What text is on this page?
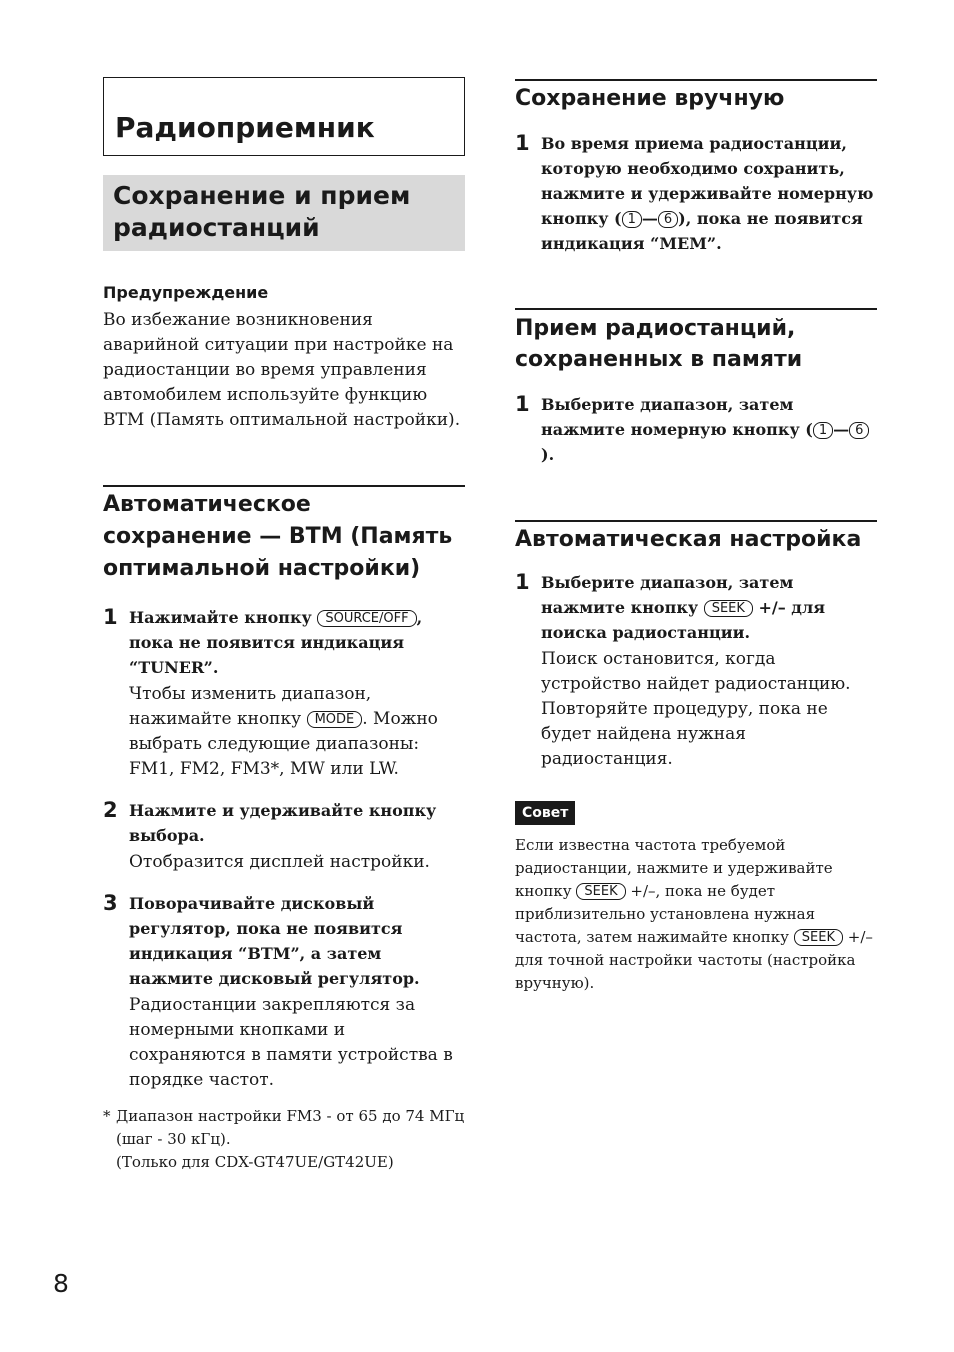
Радиоприемник
Сохранение и прием радиостанций
Предупреждение
Во избежание возникновения аварийной ситуации при настройке на радиостанции во время управления автомобилем используйте функцию BTM (Память оптимальной настройки).
Автоматическое сохранение — BTM (Память оптимальной настройки)
1 Нажимайте кнопку SOURCE/OFF , пока не появится индикация “TUNER”.
Чтобы изменить диапазон, нажимайте кнопку MODE . Можно выбрать следующие диапазоны: FM1, FM2, FM3*, MW или LW.
2 Нажмите и удерживайте кнопку выбора.
Отобразится дисплей настройки.
3 Поворачивайте дисковый регулятор, пока не появится индикация “BTM”, а затем нажмите дисковый регулятор.
Радиостанции закрепляются за номерными кнопками и сохраняются в памяти устройства в порядке частот.
* Диапазон настройки FM3 - от 65 до 74 МГц (шаг - 30 кГц).
(Только для CDX-GT47UE/GT42UE)
Сохранение вручную
1 Во время приема радиостанции, которую необходимо сохранить, нажмите и удерживайте номерную кнопку ( 1 — 6 ), пока не появится индикация “MEM”.
Прием радиостанций, сохраненных в памяти
1 Выберите диапазон, затем нажмите номерную кнопку ( 1 — 6).
Автоматическая настройка
1 Выберите диапазон, затем нажмите кнопку SEEK +/– для поиска радиостанции.
Поиск остановится, когда устройство найдет радиостанцию. Повторяйте процедуру, пока не будет найдена нужная радиостанция.
Совет
Если известна частота требуемой радиостанции, нажмите и удерживайте кнопку SEEK +/–, пока не будет приблизительно установлена нужная частота, затем нажимайте кнопку SEEK +/– для точной настройки частоты (настройка вручную).
8
